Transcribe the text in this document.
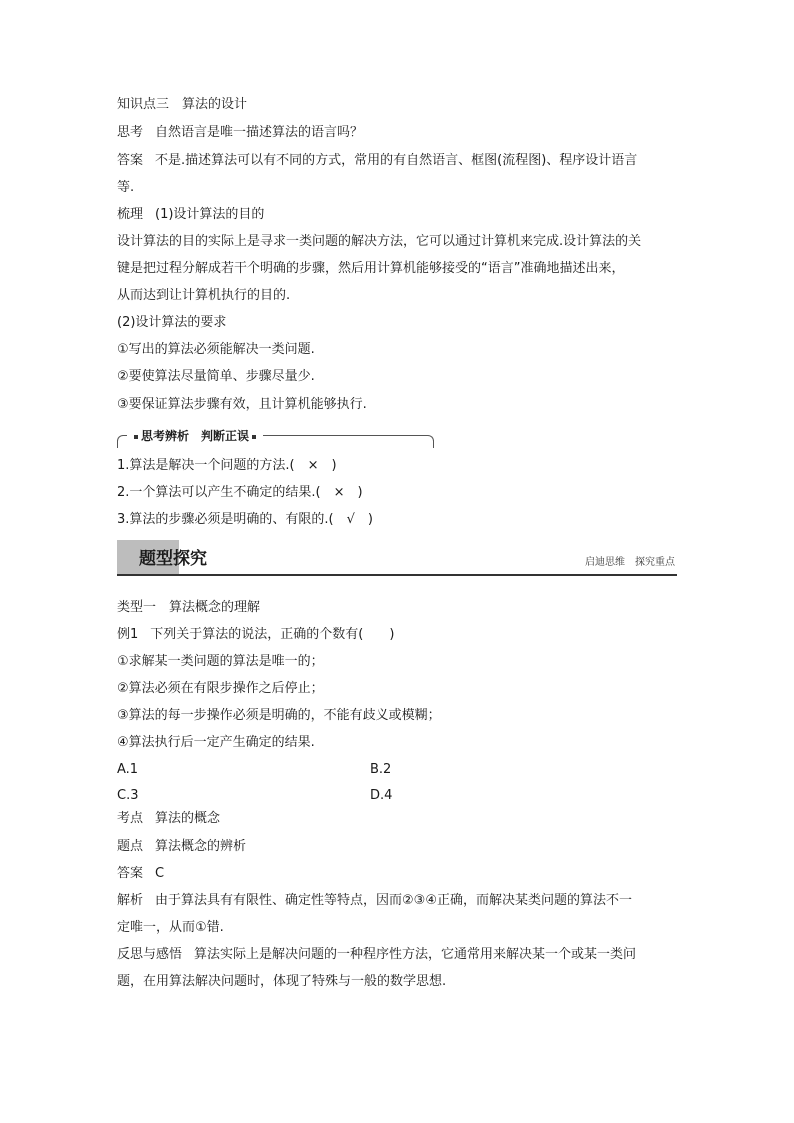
知识点三　算法的设计
思考 自然语言是唯一描述算法的语言吗？
答案 不是.描述算法可以有不同的方式，常用的有自然语言、框图(流程图)、程序设计语言
等.
梳理 (1)设计算法的目的
设计算法的目的实际上是寻求一类问题的解决方法，它可以通过计算机来完成.设计算法的关
键是把过程分解成若干个明确的步骤，然后用计算机能够接受的“语言”准确地描述出来，
从而达到让计算机执行的目的.
(2)设计算法的要求
①写出的算法必须能解决一类问题.
②要使算法尽量简单、步骤尽量少.
③要保证算法步骤有效，且计算机能够执行.
思考辨析　判断正误
1.算法是解决一个问题的方法.(　×　)
2.一个算法可以产生不确定的结果.(　×　)
3.算法的步骤必须是明确的、有限的.(　√　)
题型探究	启迪思维　探究重点
类型一　算法概念的理解
例1 下列关于算法的说法，正确的个数有(　　)
①求解某一类问题的算法是唯一的；
②算法必须在有限步操作之后停止；
③算法的每一步操作必须是明确的，不能有歧义或模糊；
④算法执行后一定产生确定的结果.
A.1	B.2
C.3	D.4
考点 算法的概念
题点 算法概念的辨析
答案 C
解析 由于算法具有有限性、确定性等特点，因而②③④正确，而解决某类问题的算法不一
定唯一，从而①错.
反思与感悟 算法实际上是解决问题的一种程序性方法，它通常用来解决某一个或某一类问
题，在用算法解决问题时，体现了特殊与一般的数学思想.
